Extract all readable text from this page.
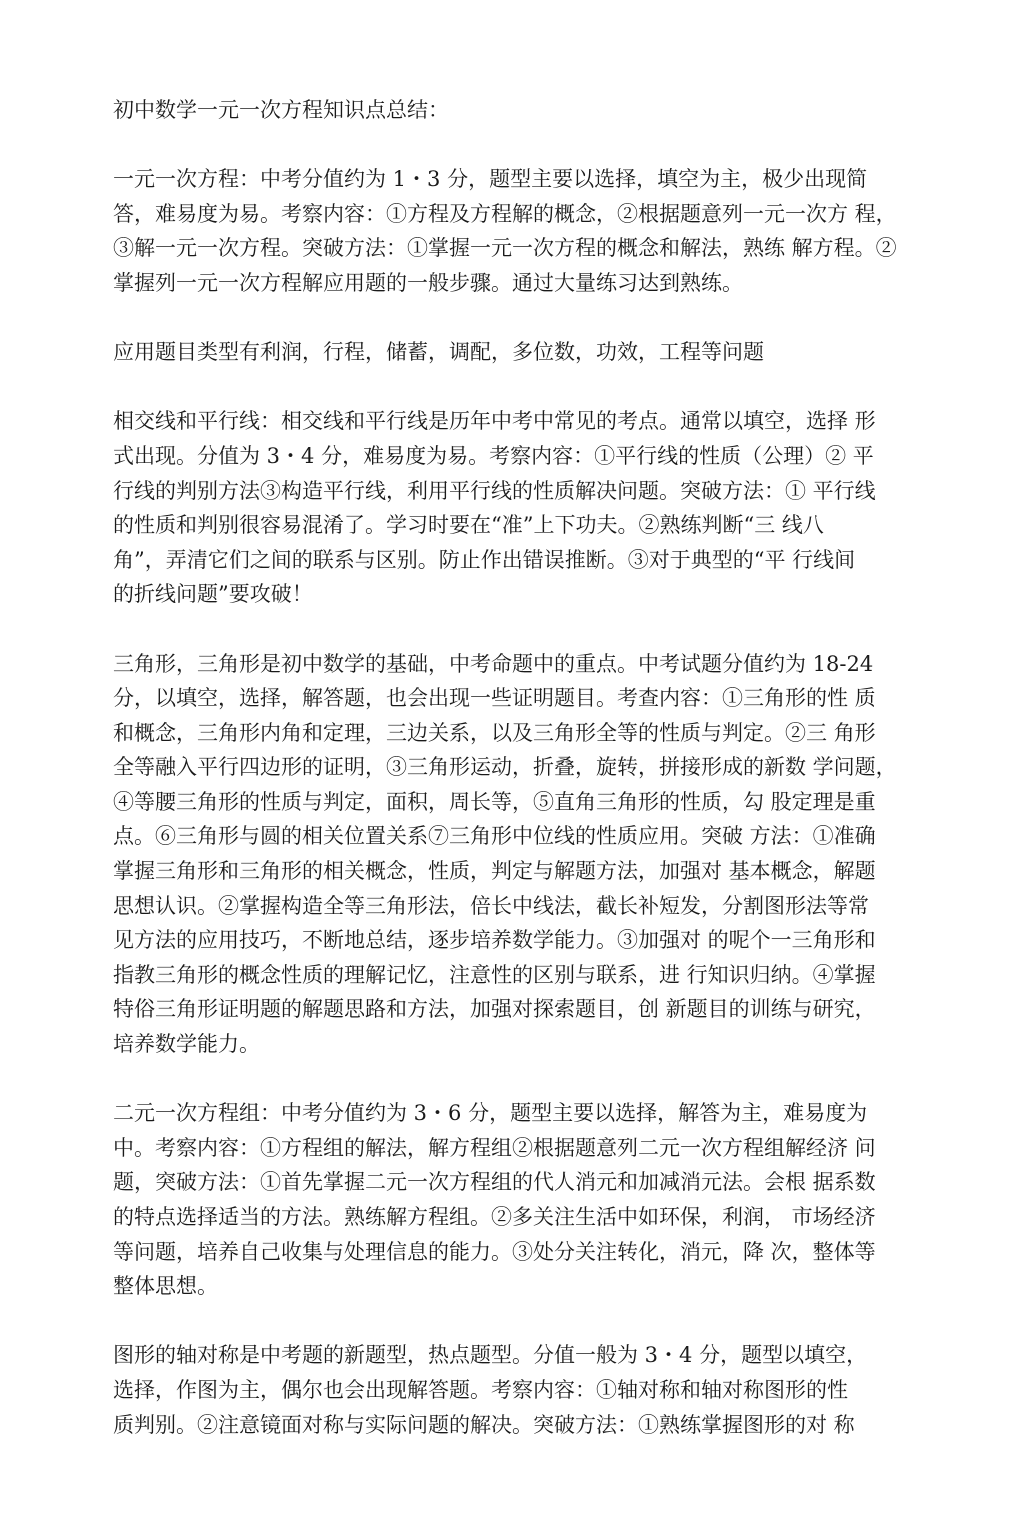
初中数学一元一次方程知识点总结：
一元一次方程：中考分值约为 1・3 分，题型主要以选择，填空为主，极少出现简
答，难易度为易。考察内容：①方程及方程解的概念，②根据题意列一元一次方 程，
③解一元一次方程。突破方法：①掌握一元一次方程的概念和解法，熟练 解方程。②
掌握列一元一次方程解应用题的一般步骤。通过大量练习达到熟练。
应用题目类型有利润，行程，储蓄，调配，多位数，功效，工程等问题
相交线和平行线：相交线和平行线是历年中考中常见的考点。通常以填空，选择 形
式出现。分值为 3・4 分，难易度为易。考察内容：①平行线的性质（公理）② 平
行线的判别方法③构造平行线，利用平行线的性质解决问题。突破方法：① 平行线
的性质和判别很容易混淆了。学习时要在“准”上下功夫。②熟练判断“三 线八
角”，弄清它们之间的联系与区别。防止作出错误推断。③对于典型的“平 行线间
的折线问题”要攻破！
三角形，三角形是初中数学的基础，中考命题中的重点。中考试题分值约为 18-24
分，以填空，选择，解答题，也会出现一些证明题目。考查内容：①三角形的性 质
和概念，三角形内角和定理，三边关系，以及三角形全等的性质与判定。②三 角形
全等融入平行四边形的证明，③三角形运动，折叠，旋转，拼接形成的新数 学问题，
④等腰三角形的性质与判定，面积，周长等，⑤直角三角形的性质，勾 股定理是重
点。⑥三角形与圆的相关位置关系⑦三角形中位线的性质应用。突破 方法：①准确
掌握三角形和三角形的相关概念，性质，判定与解题方法，加强对 基本概念，解题
思想认识。②掌握构造全等三角形法，倍长中线法，截长补短发，分割图形法等常
见方法的应用技巧，不断地总结，逐步培养数学能力。③加强对 的呢个一三角形和
指教三角形的概念性质的理解记忆，注意性的区别与联系，进 行知识归纳。④掌握
特俗三角形证明题的解题思路和方法，加强对探索题目，创 新题目的训练与研究，
培养数学能力。
二元一次方程组：中考分值约为 3・6 分，题型主要以选择，解答为主，难易度为
中。考察内容：①方程组的解法，解方程组②根据题意列二元一次方程组解经济 问
题，突破方法：①首先掌握二元一次方程组的代人消元和加减消元法。会根 据系数
的特点选择适当的方法。熟练解方程组。②多关注生活中如环保，利润， 市场经济
等问题，培养自己收集与处理信息的能力。③处分关注转化，消元，降 次，整体等
整体思想。
图形的轴对称是中考题的新题型，热点题型。分值一般为 3・4 分，题型以填空，
选择，作图为主，偶尔也会出现解答题。考察内容：①轴对称和轴对称图形的性
质判别。②注意镜面对称与实际问题的解决。突破方法：①熟练掌握图形的对 称
